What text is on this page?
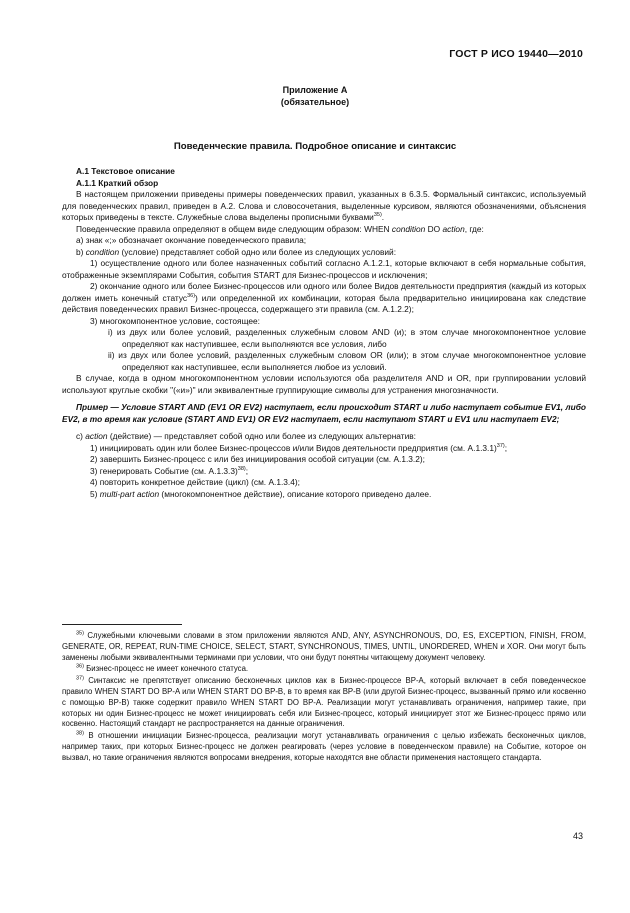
ГОСТ Р ИСО 19440—2010
Приложение А
(обязательное)
Поведенческие правила. Подробное описание и синтаксис

А.1 Текстовое описание

А.1.1 Краткий обзор

В настоящем приложении приведены примеры поведенческих правил, указанных в 6.3.5. Формальный синтаксис, используемый для поведенческих правил, приведен в А.2. Слова и словосочетания, выделенные курсивом, являются обозначениями, объяснения которых приведены в тексте. Служебные слова выделены прописными буквами$^{35)}$.

Поведенческие правила определяют в общем виде следующим образом: WHEN condition DO action, где:

а) знак «;» обозначает окончание поведенческого правила;

b) condition (условие) представляет собой одно или более из следующих условий:

1) осуществление одного или более назначенных событий согласно А.1.2.1, которые включают в себя нормальные события, отображенные экземплярами События, события START для Бизнес-процессов и исключения;

2) окончание одного или более Бизнес-процессов или одного или более Видов деятельности предприятия (каждый из которых должен иметь конечный статус$^{36)}$) или определенной их комбинации, которая была предварительно инициирована как следствие действия поведенческих правил Бизнес-процесса, содержащего эти правила (см. А.1.2.2);

3) многокомпонентное условие, состоящее:

i) из двух или более условий, разделенных служебным словом AND (и); в этом случае многокомпонентное условие определяют как наступившее, если выполняются все условия, либо

ii) из двух или более условий, разделенных служебным словом OR (или); в этом случае многокомпонентное условие определяют как наступившее, если выполняется любое из условий.

В случае, когда в одном многокомпонентном условии используются оба разделителя AND и OR, при группировании условий используют круглые скобки "(«и»)" или эквивалентные группирующие символы для устранения многозначности.

Пример — Условие START AND (EV1 OR EV2) наступает, если происходит START и либо наступает событие EV1, либо EV2, в то время как условие (START AND EV1) OR EV2 наступает, если наступают START и EV1 или наступает EV2;

с) action (действие) — представляет собой одно или более из следующих альтернатив:

1) инициировать один или более Бизнес-процессов и/или Видов деятельности предприятия (см. А.1.3.1)$^{37)}$;

2) завершить Бизнес-процесс с или без инициирования особой ситуации (см. А.1.3.2);

3) генерировать Событие (см. А.1.3.3)$^{38)}$;

4) повторить конкретное действие (цикл) (см. А.1.3.4);

5) multi-part action (многокомпонентное действие), описание которого приведено далее.

$^{35)}$ Служебными ключевыми словами в этом приложении являются AND, ANY, ASYNCHRONOUS, DO, ES, EXCEPTION, FINISH, FROM, GENERATE, OR, REPEAT, RUN-TIME CHOICE, SELECT, START, SYNCHRONOUS, TIMES, UNTIL, UNORDERED, WHEN и XOR. Они могут быть заменены любыми эквивалентными терминами при условии, что они будут понятны читающему документ человеку.

$^{36)}$ Бизнес-процесс не имеет конечного статуса.

$^{37)}$ Синтаксис не препятствует описанию бесконечных циклов как в Бизнес-процессе BP-A, который включает в себя поведенческое правило WHEN START DO BP-A или WHEN START DO BP-B, в то время как BP-B (или другой Бизнес-процесс, вызванный прямо или косвенно с помощью BP-B) также содержит правило WHEN START DO BP-A. Реализации могут устанавливать ограничения, например такие, при которых ни один Бизнес-процесс не может инициировать себя или Бизнес-процесс, который инициирует этот же Бизнес-процесс прямо или косвенно. Настоящий стандарт не распространяется на данные ограничения.

$^{38)}$ В отношении инициации Бизнес-процесса, реализации могут устанавливать ограничения с целью избежать бесконечных циклов, например таких, при которых Бизнес-процесс не должен реагировать (через условие в поведенческом правиле) на Событие, которое он вызвал, но такие ограничения являются вопросами внедрения, которые находятся вне области применения настоящего стандарта.

43
